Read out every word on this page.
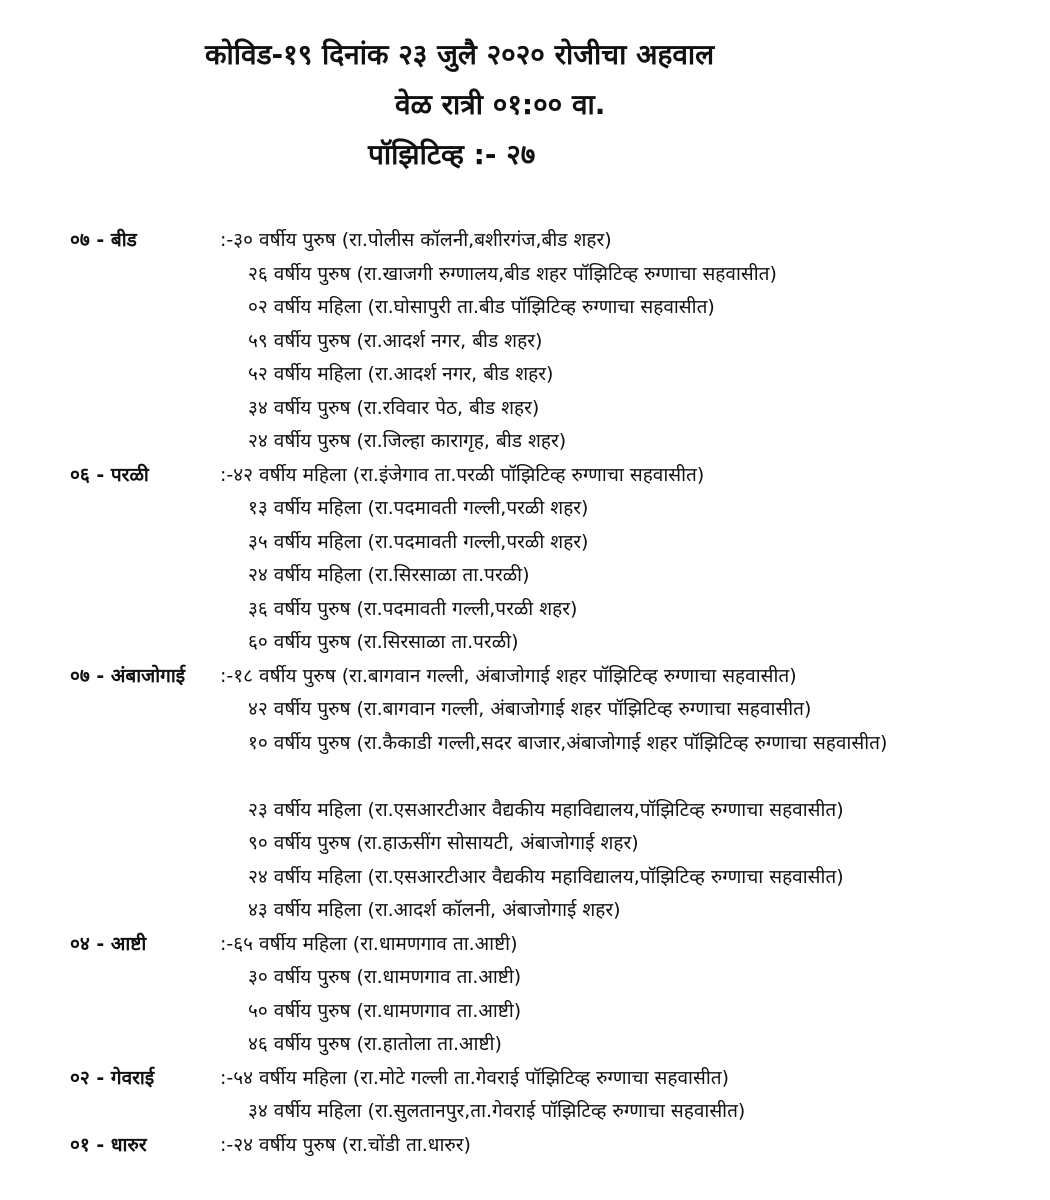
कोविड-१९ दिनांक २३ जुलै २०२० रोजीचा अहवाल
वेळ रात्री ०१:०० वा.
पॉझिटिव्ह :- २७
०७ - बीड	:-३० वर्षीय पुरुष (रा.पोलीस कॉलनी,बशीरगंज,बीड शहर)
२६ वर्षीय पुरुष (रा.खाजगी रुग्णालय,बीड शहर पॉझिटिव्ह रुग्णाचा सहवासीत)
०२ वर्षीय महिला (रा.घोसापुरी ता.बीड पॉझिटिव्ह रुग्णाचा सहवासीत)
५९ वर्षीय पुरुष (रा.आदर्श नगर, बीड शहर)
५२ वर्षीय महिला (रा.आदर्श नगर, बीड शहर)
३४ वर्षीय पुरुष (रा.रविवार पेठ, बीड शहर)
२४ वर्षीय पुरुष (रा.जिल्हा कारागृह, बीड शहर)
०६ - परळी	:-४२ वर्षीय महिला (रा.इंजेगाव ता.परळी पॉझिटिव्ह रुग्णाचा सहवासीत)
१३ वर्षीय महिला (रा.पदमावती गल्ली,परळी शहर)
३५ वर्षीय महिला (रा.पदमावती गल्ली,परळी शहर)
२४ वर्षीय महिला (रा.सिरसाळा ता.परळी)
३६ वर्षीय पुरुष (रा.पदमावती गल्ली,परळी शहर)
६० वर्षीय पुरुष (रा.सिरसाळा ता.परळी)
०७ - अंबाजोगाई :-१८ वर्षीय पुरुष (रा.बागवान गल्ली, अंबाजोगाई शहर पॉझिटिव्ह रुग्णाचा सहवासीत)
४२ वर्षीय पुरुष (रा.बागवान गल्ली, अंबाजोगाई शहर पॉझिटिव्ह रुग्णाचा सहवासीत)
१० वर्षीय पुरुष (रा.कैकाडी गल्ली,सदर बाजार,अंबाजोगाई शहर पॉझिटिव्ह रुग्णाचा सहवासीत)
२३ वर्षीय महिला (रा.एसआरटीआर वैद्यकीय महाविद्यालय,पॉझिटिव्ह रुग्णाचा सहवासीत)
९० वर्षीय पुरुष (रा.हाऊसींग सोसायटी, अंबाजोगाई शहर)
२४ वर्षीय महिला (रा.एसआरटीआर वैद्यकीय महाविद्यालय,पॉझिटिव्ह रुग्णाचा सहवासीत)
४३ वर्षीय महिला (रा.आदर्श कॉलनी, अंबाजोगाई शहर)
०४ - आष्टी	:-६५ वर्षीय महिला (रा.धामणगाव ता.आष्टी)
३० वर्षीय पुरुष (रा.धामणगाव ता.आष्टी)
५० वर्षीय पुरुष (रा.धामणगाव ता.आष्टी)
४६ वर्षीय पुरुष (रा.हातोला ता.आष्टी)
०२ - गेवराई	:-५४ वर्षीय महिला (रा.मोटे गल्ली ता.गेवराई पॉझिटिव्ह रुग्णाचा सहवासीत)
३४ वर्षीय महिला (रा.सुलतानपुर,ता.गेवराई पॉझिटिव्ह रुग्णाचा सहवासीत)
०१ - धारुर	:-२४ वर्षीय पुरुष (रा.चोंडी ता.धारुर)
